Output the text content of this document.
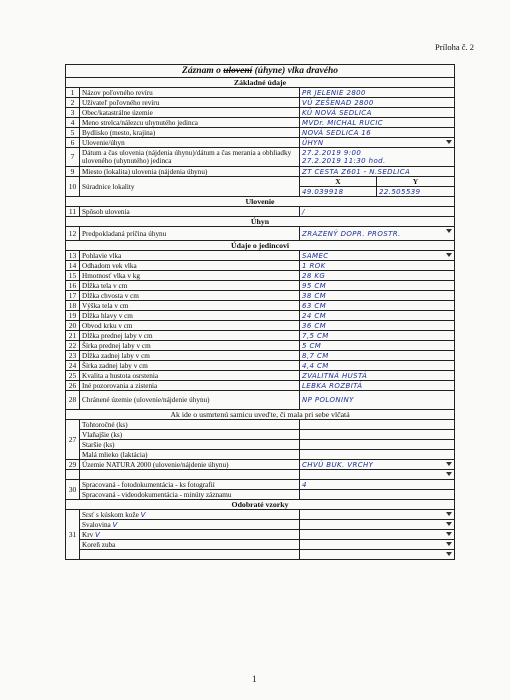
Príloha č. 2
Záznam o ulovení (úhyne) vlka dravého			
Základné údaje			
1	Názov poľovného revíru	PR JELENIE 2800	
2	Užívateľ poľovného revíru	VÚ ZEŠENAD 2800	
3	Obec/katastrálne územie	KÚ NOVÁ SEDLICA	
4	Meno strelca/nálezcu uhynutého jedinca	MVDr. MICHAL RUCIC	
5	Bydlisko (mesto, krajina)	NOVÁ SEDLICA 16	
6	Ulovenie/úhyn	ÚHYN	

7	Dátum a čas ulovenia (nájdenia úhynu)/dátum a čas merania a obhliadky uloveného (uhynutého) jedinca	27.2.2019 9:00
27.2.2019 11:30 hod.	

9	Miesto (lokalita) ulovenia (nájdenia úhynu)	ZT CESTA Z601 - N.SEDLICA	
10	Súradnice lokality	X	Y
		49.039918	22.505539
Ulovenie			
11	Spôsob ulovenia	/	
Úhyn			
12	Predpokladaná príčina úhynu	ZRAZENÝ DOPR. PROSTR.	

Údaje o jedincovi			
13	Pohlavie vlka	SAMEC	

14	Odhadom vek vlka	1 ROK	
15	Hmotnosť vlka v kg	28 KG	
16	Dĺžka tela v cm	95 CM	
17	Dĺžka chvosta v cm	38 CM	
18	Výška tela v cm	63 CM	
19	Dĺžka hlavy v cm	24 CM	
20	Obvod krku v cm	36 CM	
21	Dĺžka prednej laby v cm	7,5 CM	
22	Šírka prednej laby v cm	5 CM	
23	Dĺžka zadnej laby v cm	8,7 CM	
24	Šírka zadnej laby v cm	4,4 CM	
25	Kvalita a hustota osrstenia	ZVALITNÁ HUSTÁ	
26	Iné pozorovania a zistenia	LEBKA ROZBITÁ	
28	Chránené územie (ulovenie/nájdenie úhynu)	NP POLONINY	

Ak ide o usmrtenú samicu uveďte, či mala pri sebe vlčatá			
27	Tohtoročné (ks)		
	Vlaňajšie (ks)		
	Staršie (ks)		
	Malá mlieko (laktácia)		
29	Územie NATURA 2000 (ulovenie/nájdenie úhynu)	CHVÚ BUK. VRCHY	

30	Spracovaná - fotodokumentácia - ks fotografií	4	
	Spracovaná - videodokumentácia - minúty záznamu		
Odobraté vzorky			
31	Srsť s kúskom kože V		

	Svalovina V		

	Krv V		

	Koreň zuba		

1
